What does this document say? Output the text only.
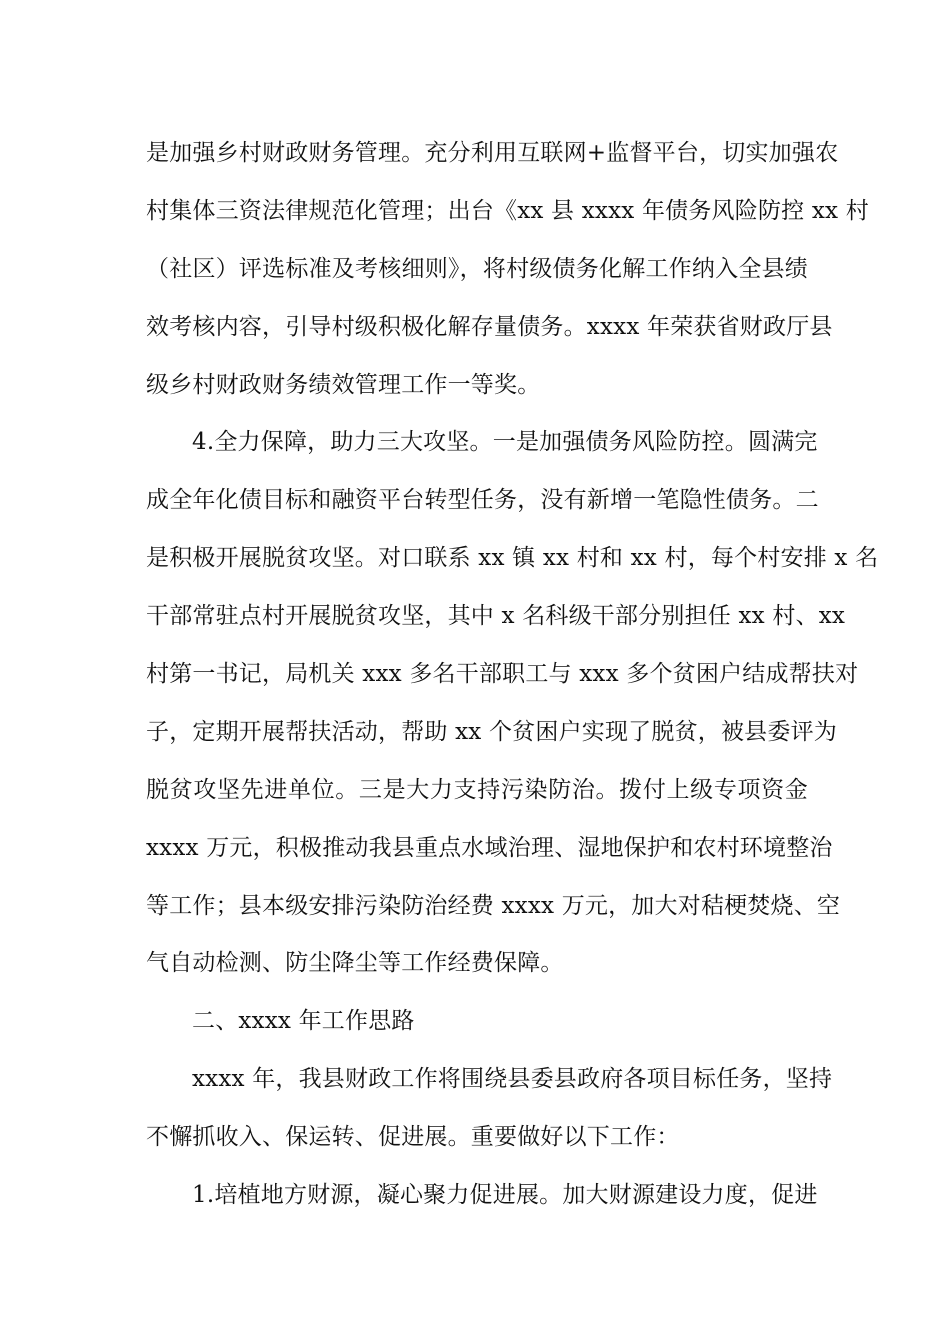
是加强乡村财政财务管理。充分利用互联网+监督平台，切实加强农
村集体三资法律规范化管理；出台《xx 县 xxxx 年债务风险防控 xx 村
（社区）评选标准及考核细则》，将村级债务化解工作纳入全县绩
效考核内容，引导村级积极化解存量债务。xxxx 年荣获省财政厅县
级乡村财政财务绩效管理工作一等奖。
4.全力保障，助力三大攻坚。一是加强债务风险防控。圆满完
成全年化债目标和融资平台转型任务，没有新增一笔隐性债务。二
是积极开展脱贫攻坚。对口联系 xx 镇 xx 村和 xx 村，每个村安排 x 名
干部常驻点村开展脱贫攻坚，其中 x 名科级干部分别担任 xx 村、xx
村第一书记，局机关 xxx 多名干部职工与 xxx 多个贫困户结成帮扶对
子，定期开展帮扶活动，帮助 xx 个贫困户实现了脱贫，被县委评为
脱贫攻坚先进单位。三是大力支持污染防治。拨付上级专项资金
xxxx 万元，积极推动我县重点水域治理、湿地保护和农村环境整治
等工作；县本级安排污染防治经费 xxxx 万元，加大对秸梗焚烧、空
气自动检测、防尘降尘等工作经费保障。
二、xxxx 年工作思路
xxxx 年，我县财政工作将围绕县委县政府各项目标任务，坚持
不懈抓收入、保运转、促进展。重要做好以下工作：
1.培植地方财源，凝心聚力促进展。加大财源建设力度，促进
